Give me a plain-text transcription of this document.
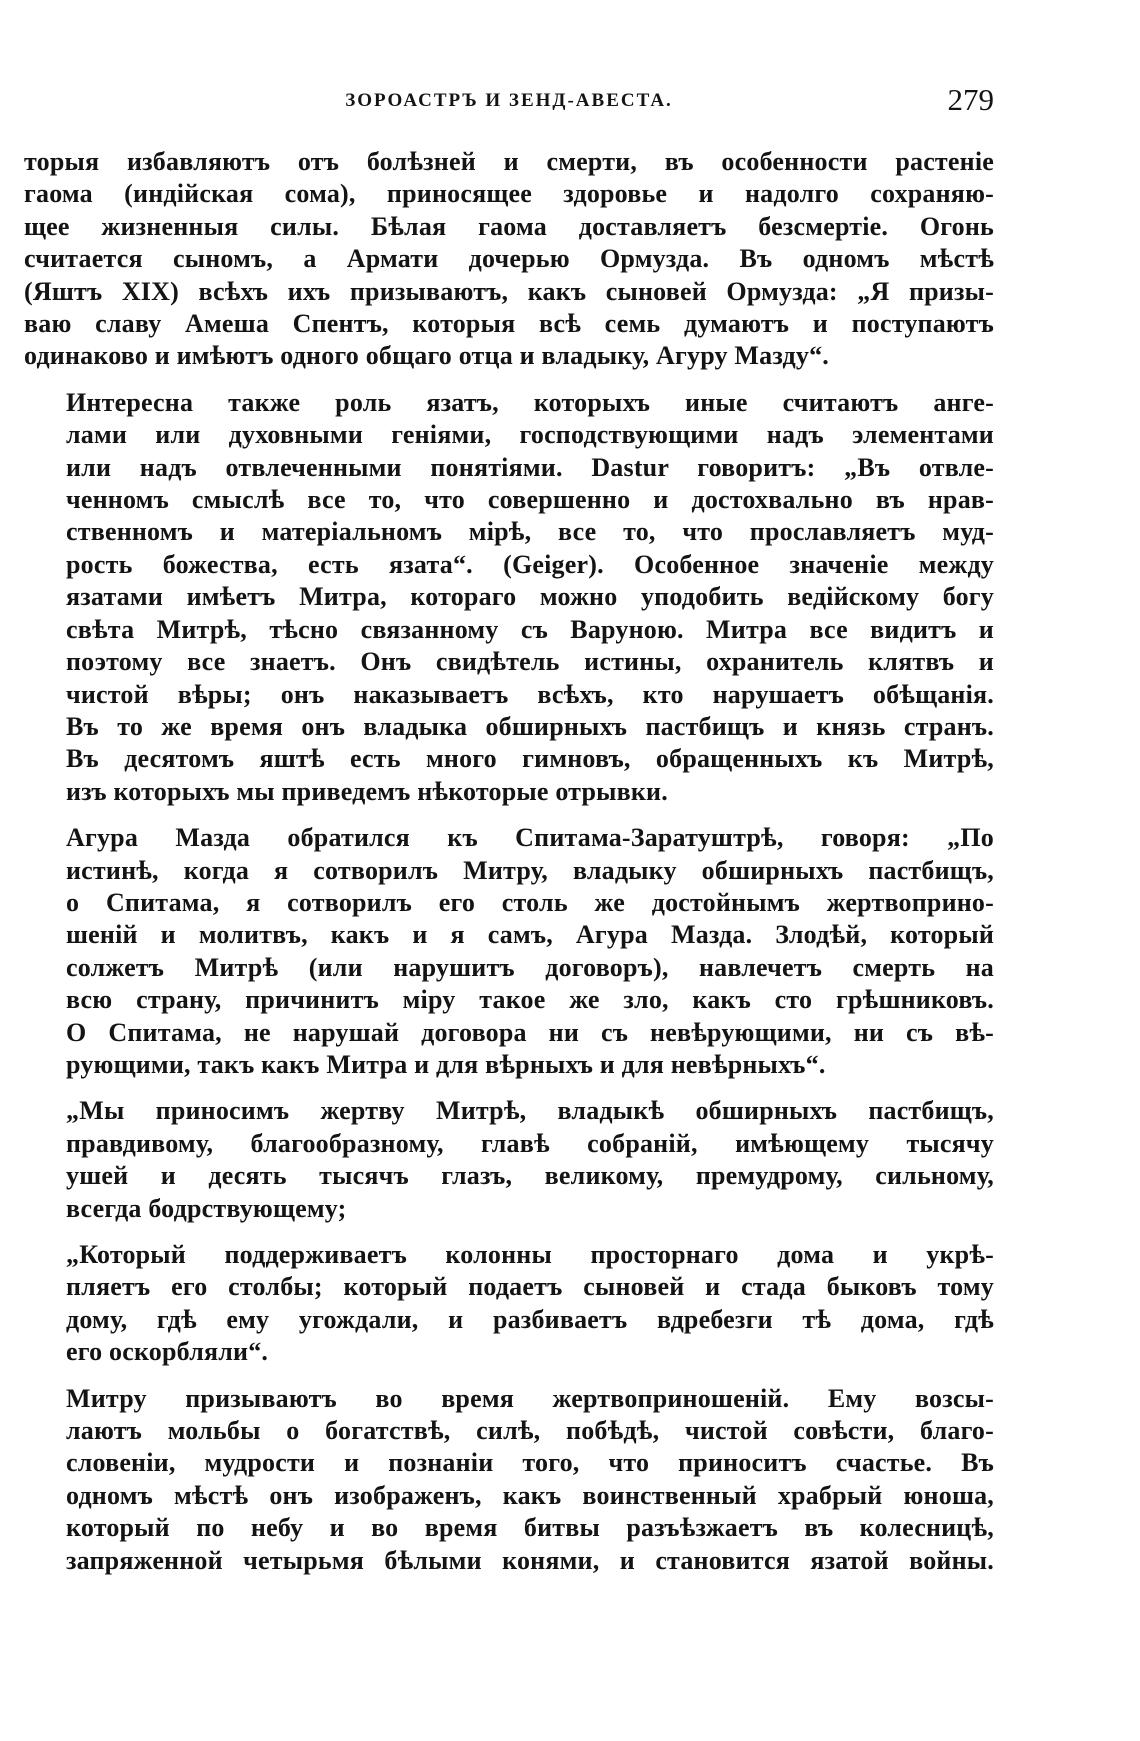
ЗОРОАСТРЪ И ЗЕНД-АВЕСТА.	279
торыя избавляютъ отъ болѣзней и смерти, въ особенности растеніе
гаома (индійская сома), приносящее здоровье и надолго сохраняю-
щее жизненныя силы. Бѣлая гаома доставляетъ безсмертіе. Огонь
считается сыномъ, а Армати дочерью Ормузда. Въ одномъ мѣстѣ
(Яштъ XIX) всѣхъ ихъ призываютъ, какъ сыновей Ормузда: „Я призы-
ваю славу Амеша Спентъ, которыя всѣ семь думаютъ и поступаютъ
одинаково и имѣютъ одного общаго отца и владыку, Агуру Мазду“.
Интересна также роль язатъ, которыхъ иные считаютъ анге-
лами или духовными геніями, господствующими надъ элементами
или надъ отвлеченными понятіями. Dastur говоритъ: „Въ отвле-
ченномъ смыслѣ все то, что совершенно и достохвально въ нрав-
ственномъ и матеріальномъ мірѣ, все то, что прославляетъ муд-
рость божества, есть язата“. (Geiger). Особенное значеніе между
язатами имѣетъ Митра, котораго можно уподобить ведійскому богу
свѣта Митрѣ, тѣсно связанному съ Варуною. Митра все видитъ и
поэтому все знаетъ. Онъ свидѣтель истины, охранитель клятвъ и
чистой вѣры; онъ наказываетъ всѣхъ, кто нарушаетъ обѣщанія.
Въ то же время онъ владыка обширныхъ пастбищъ и князь странъ.
Въ десятомъ яштѣ есть много гимновъ, обращенныхъ къ Митрѣ,
изъ которыхъ мы приведемъ нѣкоторые отрывки.
Агура Мазда обратился къ Спитама-Заратуштрѣ, говоря: „По
истинѣ, когда я сотворилъ Митру, владыку обширныхъ пастбищъ,
о Спитама, я сотворилъ его столь же достойнымъ жертвоприно-
шеній и молитвъ, какъ и я самъ, Агура Мазда. Злодѣй, который
солжетъ Митрѣ (или нарушитъ договоръ), навлечетъ смерть на
всю страну, причинитъ міру такое же зло, какъ сто грѣшниковъ.
О Спитама, не нарушай договора ни съ невѣрующими, ни съ вѣ-
рующими, такъ какъ Митра и для вѣрныхъ и для невѣрныхъ“.
„Мы приносимъ жертву Митрѣ, владыкѣ обширныхъ пастбищъ,
правдивому, благообразному, главѣ собраній, имѣющему тысячу
ушей и десять тысячъ глазъ, великому, премудрому, сильному,
всегда бодрствующему;
„Который поддерживаетъ колонны просторнаго дома и укрѣ-
пляетъ его столбы; который подаетъ сыновей и стада быковъ тому
дому, гдѣ ему угождали, и разбиваетъ вдребезги тѣ дома, гдѣ
его оскорбляли“.
Митру призываютъ во время жертвоприношеній. Ему возсы-
лаютъ мольбы о богатствѣ, силѣ, побѣдѣ, чистой совѣсти, благо-
словеніи, мудрости и познаніи того, что приноситъ счастье. Въ
одномъ мѣстѣ онъ изображенъ, какъ воинственный храбрый юноша,
который по небу и во время битвы разъѣзжаетъ въ колесницѣ,
запряженной четырьмя бѣлыми конями, и становится язатой войны.
